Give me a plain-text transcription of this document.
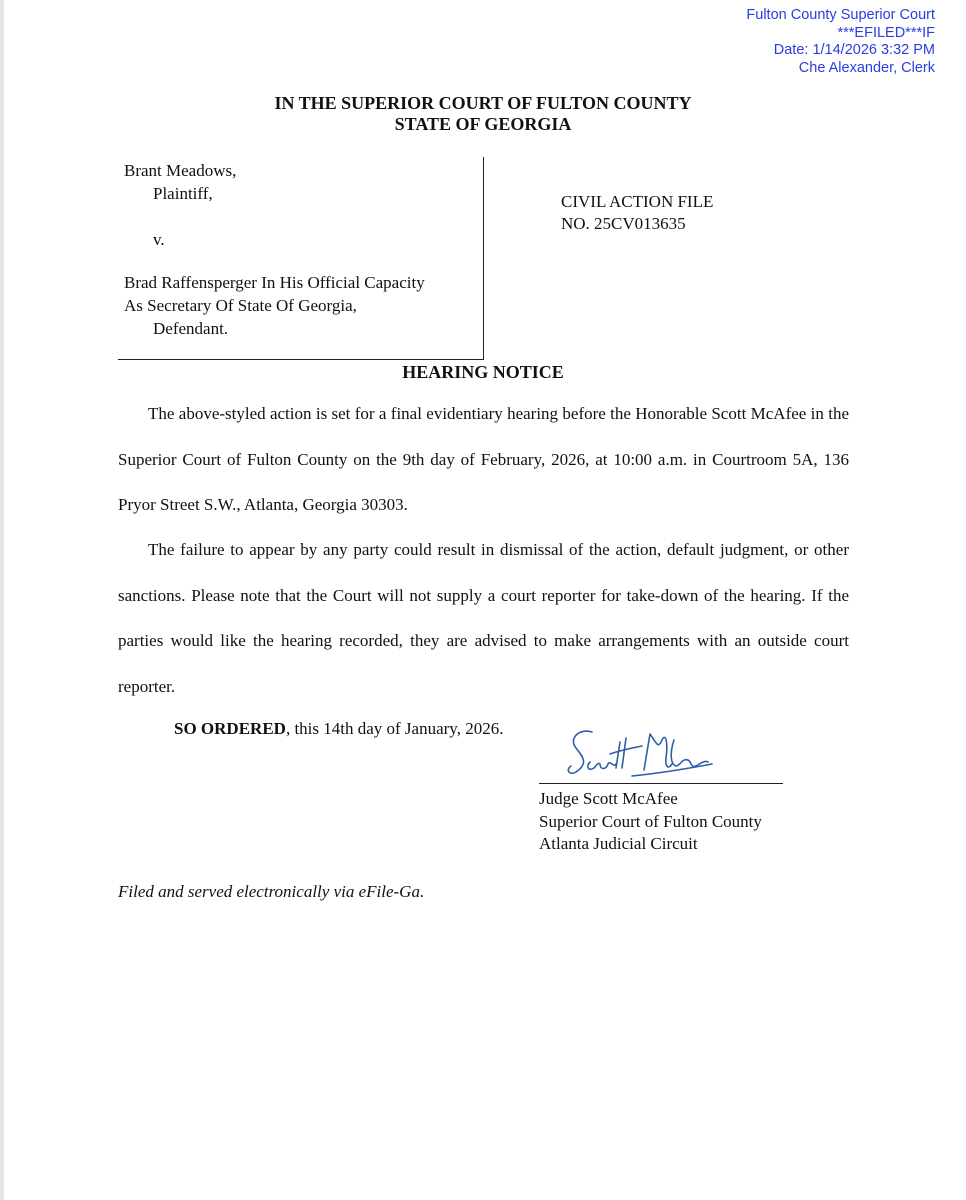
Fulton County Superior Court
***EFILED***IF
Date: 1/14/2026 3:32 PM
Che Alexander, Clerk
IN THE SUPERIOR COURT OF FULTON COUNTY
STATE OF GEORGIA
Brant Meadows,
Plaintiff,
v.
Brad Raffensperger In His Official Capacity
As Secretary Of State Of Georgia,
Defendant.
CIVIL ACTION FILE
NO. 25CV013635
HEARING NOTICE

The above-styled action is set for a final evidentiary hearing before the Honorable Scott McAfee in the Superior Court of Fulton County on the 9th day of February, 2026, at 10:00 a.m. in Courtroom 5A, 136 Pryor Street S.W., Atlanta, Georgia 30303.

The failure to appear by any party could result in dismissal of the action, default judgment, or other sanctions. Please note that the Court will not supply a court reporter for take-down of the hearing. If the parties would like the hearing recorded, they are advised to make arrangements with an outside court reporter.

SO ORDERED, this 14th day of January, 2026.
Judge Scott McAfee
Superior Court of Fulton County
Atlanta Judicial Circuit
Filed and served electronically via eFile-Ga.
